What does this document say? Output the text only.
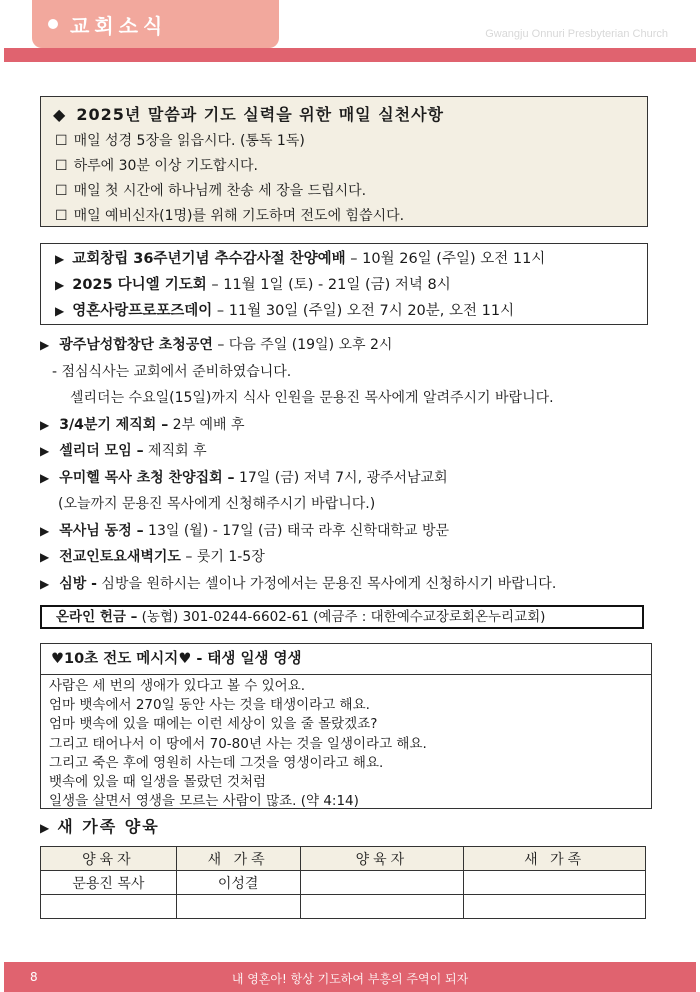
교회소식	Gwangju Onnuri Presbyterian Church
◆ 2025년 말씀과 기도 실력을 위한 매일 실천사항
☐ 매일 성경 5장을 읽읍시다. (통독 1독)
☐ 하루에 30분 이상 기도합시다.
☐ 매일 첫 시간에 하나님께 찬송 세 장을 드립시다.
☐ 매일 예비신자(1명)를 위해 기도하며 전도에 힘씁시다.
▶ 교회창립 36주년기념 추수감사절 찬양예배 – 10월 26일 (주일) 오전 11시
▶ 2025 다니엘 기도회 – 11월 1일 (토) - 21일 (금) 저녁 8시
▶ 영혼사랑프로포즈데이 – 11월 30일 (주일) 오전 7시 20분, 오전 11시
▶ 광주남성합창단 초청공연 – 다음 주일 (19일) 오후 2시
- 점심식사는 교회에서 준비하였습니다.
셀리더는 수요일(15일)까지 식사 인원을 문용진 목사에게 알려주시기 바랍니다.
▶ 3/4분기 제직회 – 2부 예배 후
▶ 셀리더 모임 – 제직회 후
▶ 우미헬 목사 초청 찬양집회 – 17일 (금) 저녁 7시, 광주서남교회
(오늘까지 문용진 목사에게 신청해주시기 바랍니다.)
▶ 목사님 동정 – 13일 (월) - 17일 (금) 태국 라후 신학대학교 방문
▶ 전교인토요새벽기도 – 룻기 1-5장
▶ 심방 - 심방을 원하시는 셀이나 가정에서는 문용진 목사에게 신청하시기 바랍니다.
온라인 헌금 – (농협) 301-0244-6602-61 (예금주 : 대한예수교장로회온누리교회)
♥10초 전도 메시지♥ - 태생 일생 영생
사람은 세 번의 생애가 있다고 볼 수 있어요.
엄마 뱃속에서 270일 동안 사는 것을 태생이라고 해요.
엄마 뱃속에 있을 때에는 이런 세상이 있을 줄 몰랐겠죠?
그리고 태어나서 이 땅에서 70-80년 사는 것을 일생이라고 해요.
그리고 죽은 후에 영원히 사는데 그것을 영생이라고 해요.
뱃속에 있을 때 일생을 몰랐던 것처럼
일생을 살면서 영생을 모르는 사람이 많죠. (약 4:14)
▶ 새 가족 양육
양육자	새 가족	양육자	새 가족
문용진 목사	이성결		

8	내 영혼아! 항상 기도하여 부흥의 주역이 되자
